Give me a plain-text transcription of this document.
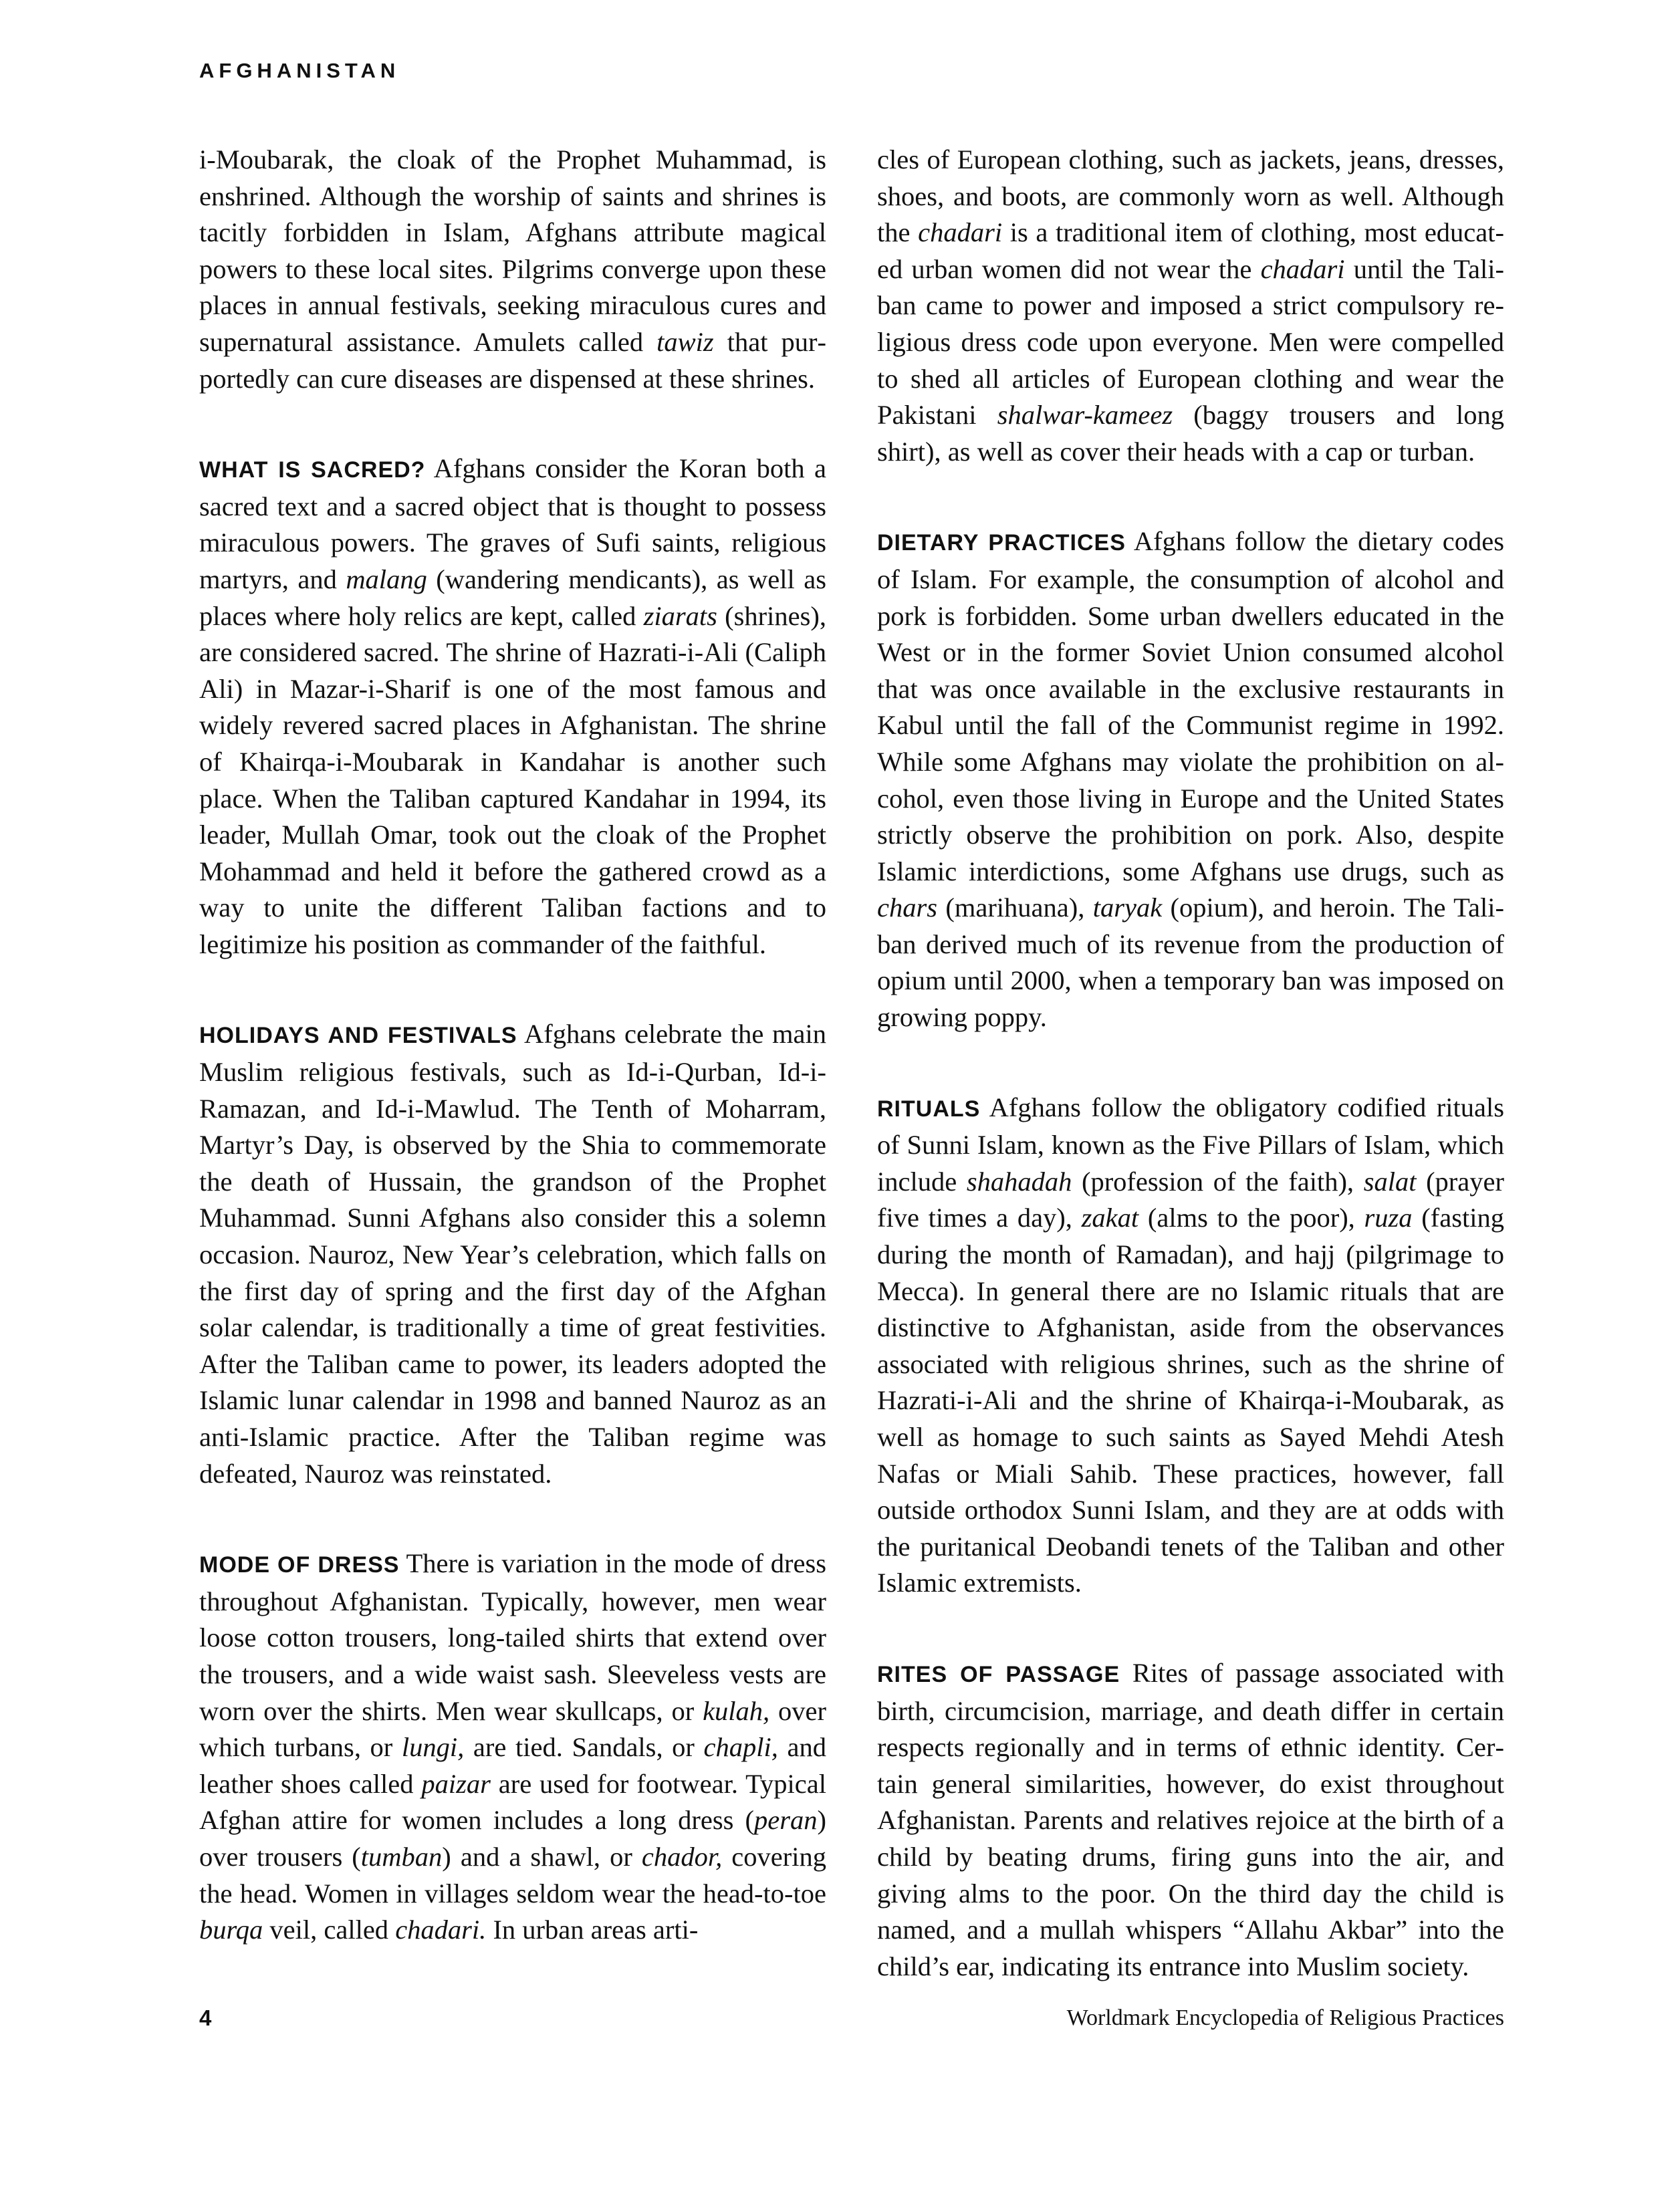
AFGHANISTAN

i-Moubarak, the cloak of the Prophet Muhammad, is enshrined. Although the worship of saints and shrines is tacitly forbidden in Islam, Afghans attribute magical powers to these local sites. Pilgrims converge upon these places in annual festivals, seeking miraculous cures and supernatural assistance. Amulets called tawiz that purportedly can cure diseases are dispensed at these shrines.

WHAT IS SACRED? Afghans consider the Koran both a sacred text and a sacred object that is thought to possess miraculous powers. The graves of Sufi saints, religious martyrs, and malang (wandering mendicants), as well as places where holy relics are kept, called ziarats (shrines), are considered sacred. The shrine of Hazrati-i-Ali (Caliph Ali) in Mazar-i-Sharif is one of the most famous and widely revered sacred places in Afghanistan. The shrine of Khairqa-i-Moubarak in Kandahar is another such place. When the Taliban captured Kandahar in 1994, its leader, Mullah Omar, took out the cloak of the Prophet Mohammad and held it before the gathered crowd as a way to unite the different Taliban factions and to legitimize his position as commander of the faithful.

HOLIDAYS AND FESTIVALS Afghans celebrate the main Muslim religious festivals, such as Id-i-Qurban, Id-i-Ramazan, and Id-i-Mawlud. The Tenth of Moharram, Martyr’s Day, is observed by the Shia to commemorate the death of Hussain, the grandson of the Prophet Muhammad. Sunni Afghans also consider this a solemn occasion. Nauroz, New Year’s celebration, which falls on the first day of spring and the first day of the Afghan solar calendar, is traditionally a time of great festivities. After the Taliban came to power, its leaders adopted the Islamic lunar calendar in 1998 and banned Nauroz as an anti-Islamic practice. After the Taliban regime was defeated, Nauroz was reinstated.

MODE OF DRESS There is variation in the mode of dress throughout Afghanistan. Typically, however, men wear loose cotton trousers, long-tailed shirts that extend over the trousers, and a wide waist sash. Sleeveless vests are worn over the shirts. Men wear skullcaps, or kulah, over which turbans, or lungi, are tied. Sandals, or chapli, and leather shoes called paizar are used for footwear. Typical Afghan attire for women includes a long dress (peran) over trousers (tumban) and a shawl, or chador, covering the head. Women in villages seldom wear the head-to-toe burqa veil, called chadari. In urban areas arti-

cles of European clothing, such as jackets, jeans, dresses, shoes, and boots, are commonly worn as well. Although the chadari is a traditional item of clothing, most educated urban women did not wear the chadari until the Taliban came to power and imposed a strict compulsory religious dress code upon everyone. Men were compelled to shed all articles of European clothing and wear the Pakistani shalwar-kameez (baggy trousers and long shirt), as well as cover their heads with a cap or turban.

DIETARY PRACTICES Afghans follow the dietary codes of Islam. For example, the consumption of alcohol and pork is forbidden. Some urban dwellers educated in the West or in the former Soviet Union consumed alcohol that was once available in the exclusive restaurants in Kabul until the fall of the Communist regime in 1992. While some Afghans may violate the prohibition on alcohol, even those living in Europe and the United States strictly observe the prohibition on pork. Also, despite Islamic interdictions, some Afghans use drugs, such as chars (marihuana), taryak (opium), and heroin. The Taliban derived much of its revenue from the production of opium until 2000, when a temporary ban was imposed on growing poppy.

RITUALS Afghans follow the obligatory codified rituals of Sunni Islam, known as the Five Pillars of Islam, which include shahadah (profession of the faith), salat (prayer five times a day), zakat (alms to the poor), ruza (fasting during the month of Ramadan), and hajj (pilgrimage to Mecca). In general there are no Islamic rituals that are distinctive to Afghanistan, aside from the observances associated with religious shrines, such as the shrine of Hazrati-i-Ali and the shrine of Khairqa-i-Moubarak, as well as homage to such saints as Sayed Mehdi Atesh Nafas or Miali Sahib. These practices, however, fall outside orthodox Sunni Islam, and they are at odds with the puritanical Deobandi tenets of the Taliban and other Islamic extremists.

RITES OF PASSAGE Rites of passage associated with birth, circumcision, marriage, and death differ in certain respects regionally and in terms of ethnic identity. Certain general similarities, however, do exist throughout Afghanistan. Parents and relatives rejoice at the birth of a child by beating drums, firing guns into the air, and giving alms to the poor. On the third day the child is named, and a mullah whispers “Allahu Akbar” into the child’s ear, indicating its entrance into Muslim society.

4	Worldmark Encyclopedia of Religious Practices
